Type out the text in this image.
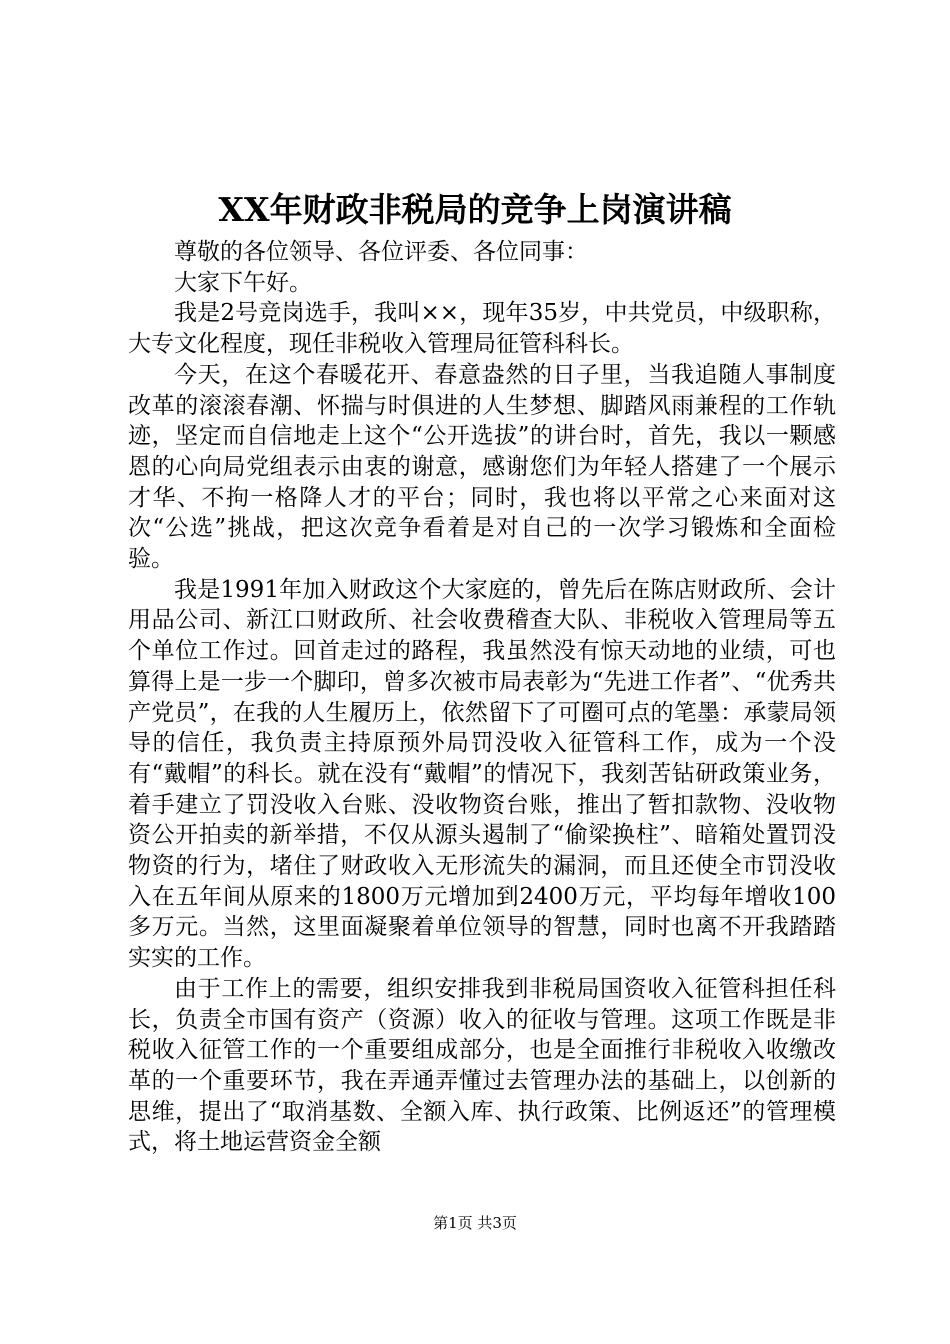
XX年财政非税局的竞争上岗演讲稿

尊敬的各位领导、各位评委、各位同事：

大家下午好。

我是2号竞岗选手，我叫××，现年35岁，中共党员，中级职称，大专文化程度，现任非税收入管理局征管科科长。

今天，在这个春暖花开、春意盎然的日子里，当我追随人事制度改革的滚滚春潮、怀揣与时俱进的人生梦想、脚踏风雨兼程的工作轨迹，坚定而自信地走上这个“公开选拔”的讲台时，首先，我以一颗感恩的心向局党组表示由衷的谢意，感谢您们为年轻人搭建了一个展示才华、不拘一格降人才的平台；同时，我也将以平常之心来面对这次“公选”挑战，把这次竞争看着是对自己的一次学习锻炼和全面检验。

我是1991年加入财政这个大家庭的，曾先后在陈店财政所、会计用品公司、新江口财政所、社会收费稽查大队、非税收入管理局等五个单位工作过。回首走过的路程，我虽然没有惊天动地的业绩，可也算得上是一步一个脚印，曾多次被市局表彰为“先进工作者”、“优秀共产党员”，在我的人生履历上，依然留下了可圈可点的笔墨：承蒙局领导的信任，我负责主持原预外局罚没收入征管科工作，成为一个没有“戴帽”的科长。就在没有“戴帽”的情况下，我刻苦钻研政策业务，着手建立了罚没收入台账、没收物资台账，推出了暂扣款物、没收物资公开拍卖的新举措，不仅从源头遏制了“偷梁换柱”、暗箱处置罚没物资的行为，堵住了财政收入无形流失的漏洞，而且还使全市罚没收入在五年间从原来的1800万元增加到2400万元，平均每年增收100多万元。当然，这里面凝聚着单位领导的智慧，同时也离不开我踏踏实实的工作。

由于工作上的需要，组织安排我到非税局国资收入征管科担任科长，负责全市国有资产（资源）收入的征收与管理。这项工作既是非税收入征管工作的一个重要组成部分，也是全面推行非税收入收缴改革的一个重要环节，我在弄通弄懂过去管理办法的基础上，以创新的思维，提出了“取消基数、全额入库、执行政策、比例返还”的管理模式，将土地运营资金全额

第1页 共3页
